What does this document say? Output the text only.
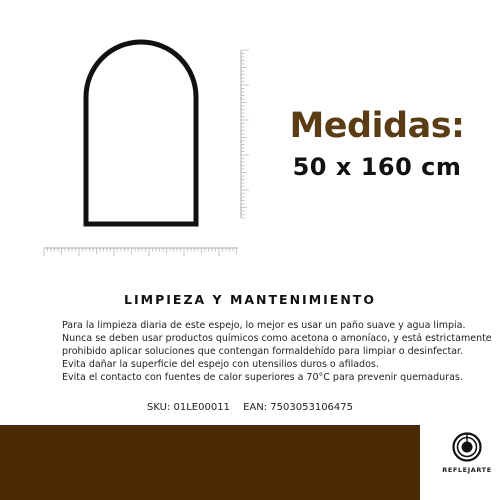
Medidas:
50 x 160 cm
LIMPIEZA Y MANTENIMIENTO

Para la limpieza diaria de este espejo, lo mejor es usar un paño suave y agua limpia.

Nunca se deben usar productos químicos como acetona o amoníaco, y está estrictamente

prohibido aplicar soluciones que contengan formaldehído para limpiar o desinfectar.

Evita dañar la superficie del espejo con utensilios duros o afilados.

Evita el contacto con fuentes de calor superiores a 70°C para prevenir quemaduras.

SKU: 01LE00011 EAN: 7503053106475
REFLEJARTE
